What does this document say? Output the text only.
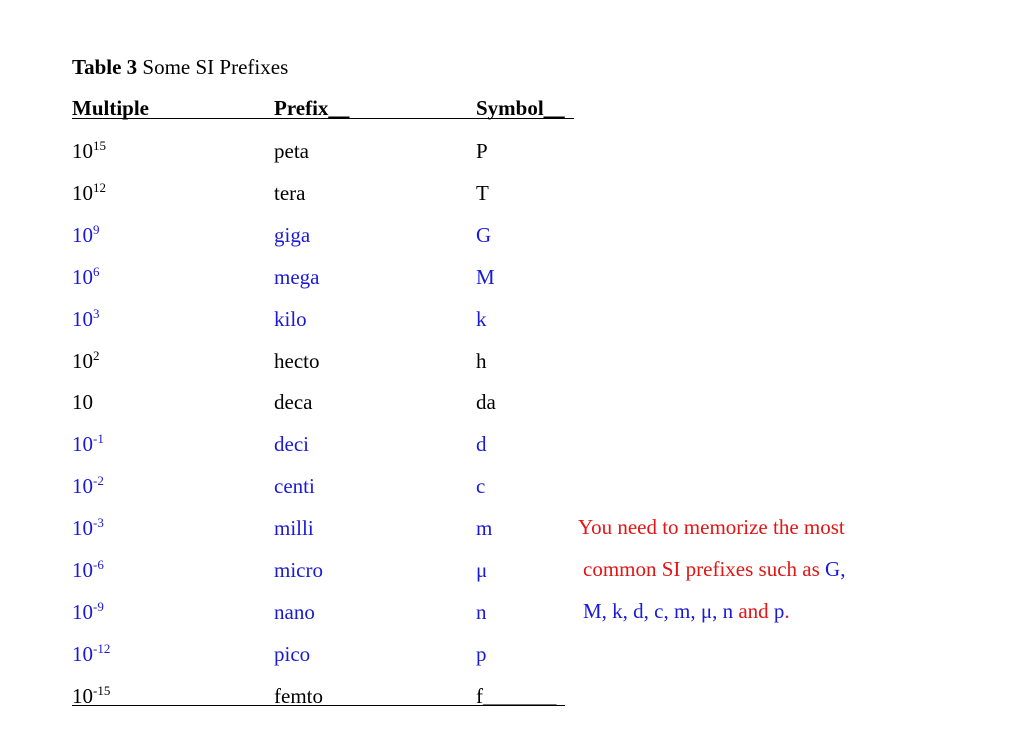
Table 3 Some SI Prefixes
Multiple	Prefix__	Symbol__
$10^{15}$	peta	P
$10^{12}$	tera	T
$10^9$	giga	G
$10^6$	mega	M
$10^3$	kilo	k
$10^2$	hecto	h
10	deca	da
$10^{-1}$	deci	d
$10^{-2}$	centi	c
$10^{-3}$	milli	m
$10^{-6}$	micro	μ
$10^{-9}$	nano	n
$10^{-12}$	pico	p
$10^{-15}$	femto	f_______
You need to memorize the most
common SI prefixes such as G,
M, k, d, c, m, μ, n and p.
